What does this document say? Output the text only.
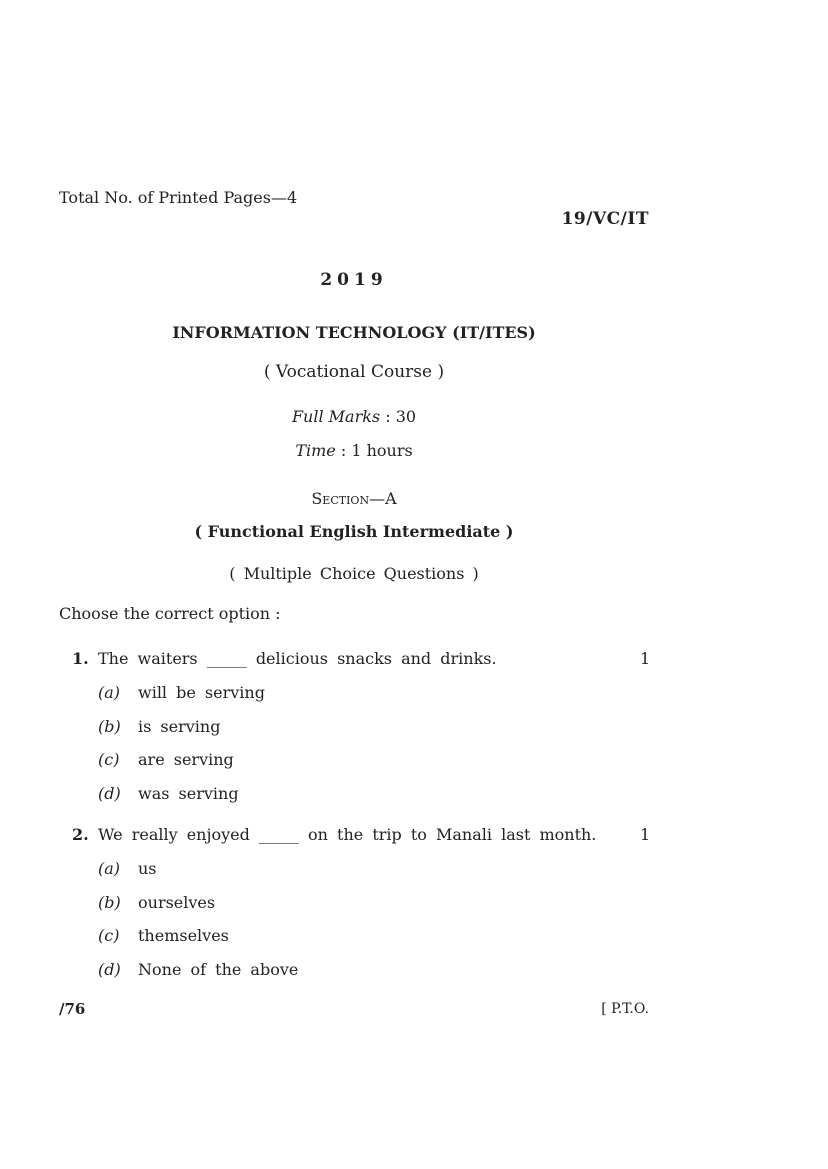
Total No. of Printed Pages—4
19/VC/IT
2019
INFORMATION TECHNOLOGY (IT/ITES)
( Vocational Course )
Full Marks : 30
Time : 1 hours
Section—A
( Functional English Intermediate )
( Multiple Choice Questions )
Choose the correct option :
1. The waiters _____ delicious snacks and drinks.	1
(a) will be serving
(b) is serving
(c) are serving
(d) was serving
2. We really enjoyed _____ on the trip to Manali last month.	1
(a) us
(b) ourselves
(c) themselves
(d) None of the above
/76	[ P.T.O.
